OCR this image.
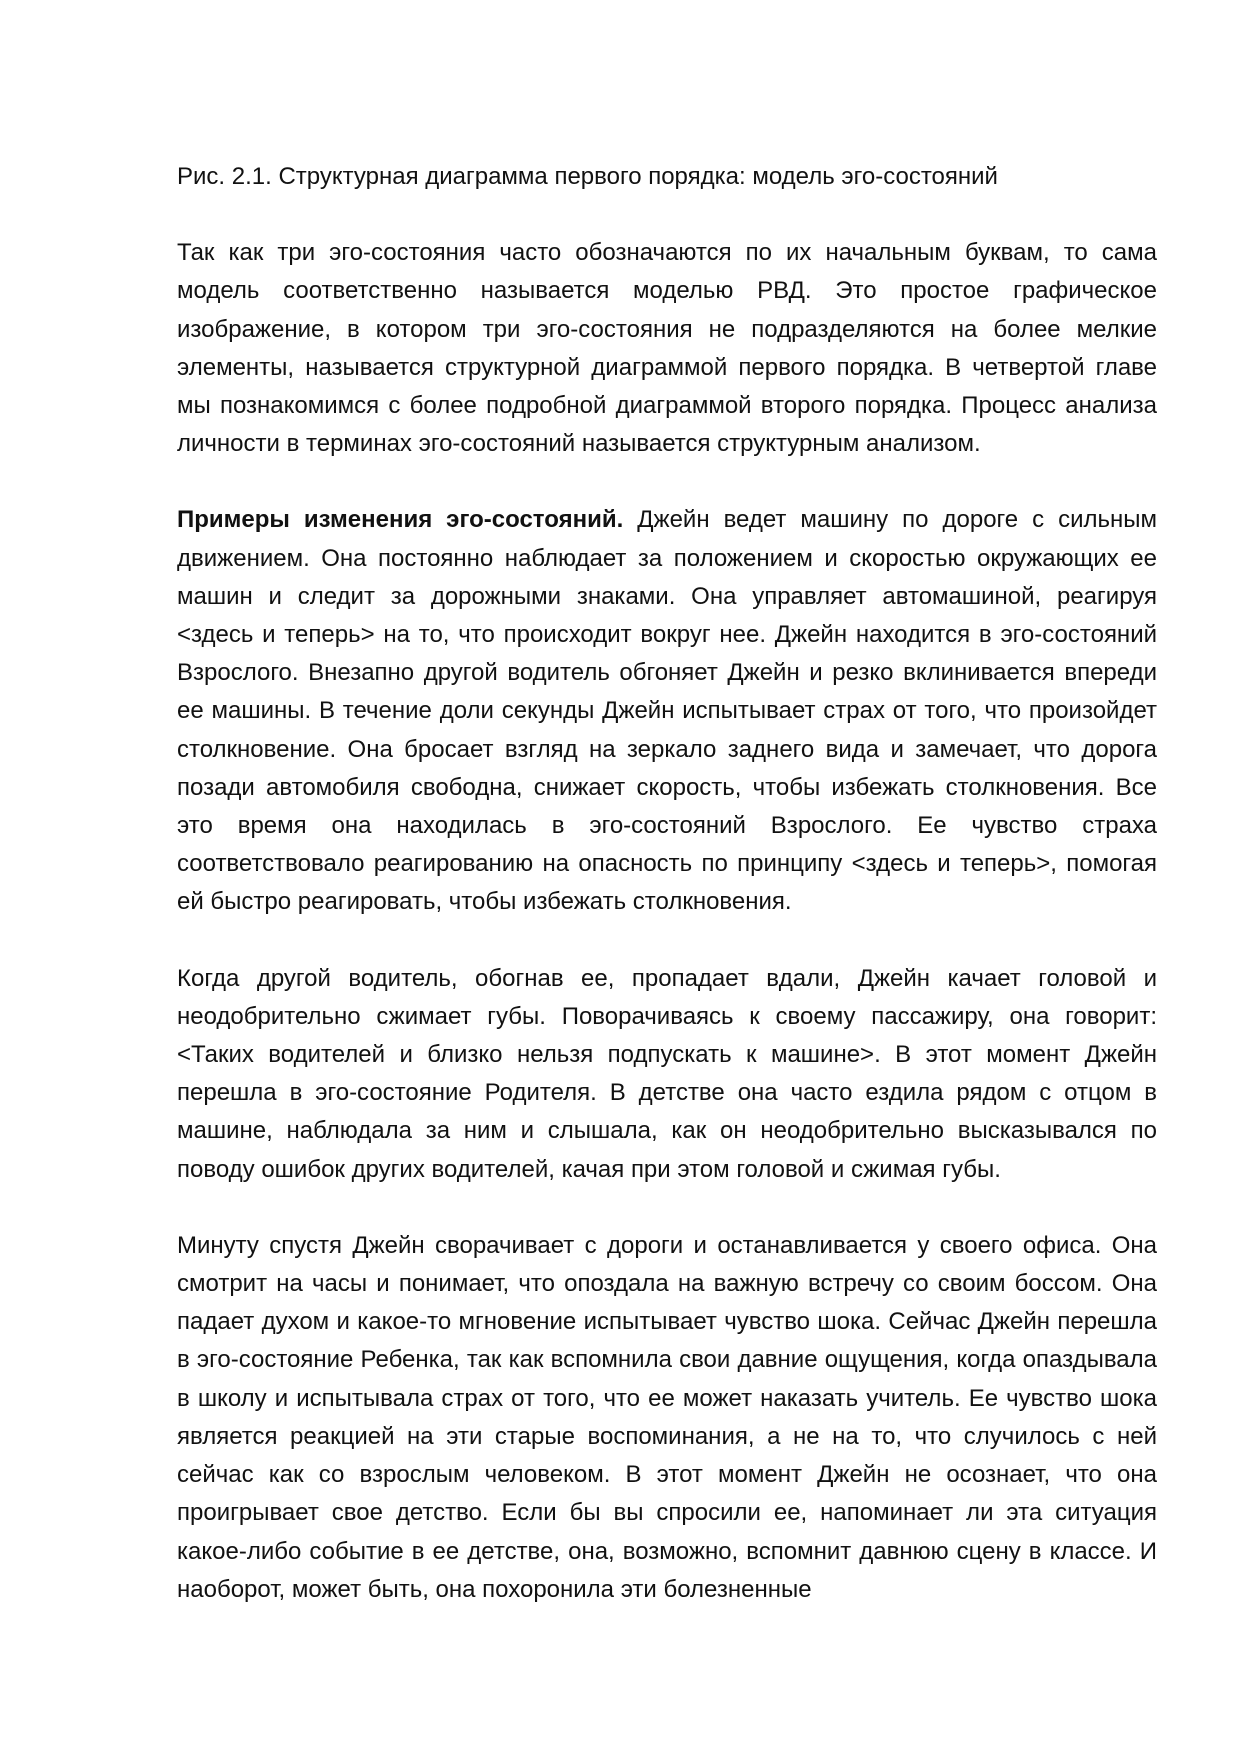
Рис. 2.1. Структурная диаграмма первого порядка: модель эго-состояний

Так как три эго-состояния часто обозначаются по их начальным буквам, то сама модель соответственно называется моделью РВД. Это простое графическое изображение, в котором три эго-состояния не подразделяются на более мелкие элементы, называется структурной диаграммой первого порядка. В четвертой главе мы познакомимся с более подробной диаграммой второго порядка. Процесс анализа личности в терминах эго-состояний называется структурным анализом.

Примеры изменения эго-состояний. Джейн ведет машину по дороге с сильным движением. Она постоянно наблюдает за положением и скоростью окружающих ее машин и следит за дорожными знаками. Она управляет автомашиной, реагируя <здесь и теперь> на то, что происходит вокруг нее. Джейн находится в эго-состояний Взрослого. Внезапно другой водитель обгоняет Джейн и резко вклинивается впереди ее машины. В течение доли секунды Джейн испытывает страх от того, что произойдет столкновение. Она бросает взгляд на зеркало заднего вида и замечает, что дорога позади автомобиля свободна, снижает скорость, чтобы избежать столкновения. Все это время она находилась в эго-состояний Взрослого. Ее чувство страха соответствовало реагированию на опасность по принципу <здесь и теперь>, помогая ей быстро реагировать, чтобы избежать столкновения.

Когда другой водитель, обогнав ее, пропадает вдали, Джейн качает головой и неодобрительно сжимает губы. Поворачиваясь к своему пассажиру, она говорит: <Таких водителей и близко нельзя подпускать к машине>. В этот момент Джейн перешла в эго-состояние Родителя. В детстве она часто ездила рядом с отцом в машине, наблюдала за ним и слышала, как он неодобрительно высказывался по поводу ошибок других водителей, качая при этом головой и сжимая губы.

Минуту спустя Джейн сворачивает с дороги и останавливается у своего офиса. Она смотрит на часы и понимает, что опоздала на важную встречу со своим боссом. Она падает духом и какое-то мгновение испытывает чувство шока. Сейчас Джейн перешла в эго-состояние Ребенка, так как вспомнила свои давние ощущения, когда опаздывала в школу и испытывала страх от того, что ее может наказать учитель. Ее чувство шока является реакцией на эти старые воспоминания, а не на то, что случилось с ней сейчас как со взрослым человеком. В этот момент Джейн не осознает, что она проигрывает свое детство. Если бы вы спросили ее, напоминает ли эта ситуация какое-либо событие в ее детстве, она, возможно, вспомнит давнюю сцену в классе. И наоборот, может быть, она похоронила эти болезненные
